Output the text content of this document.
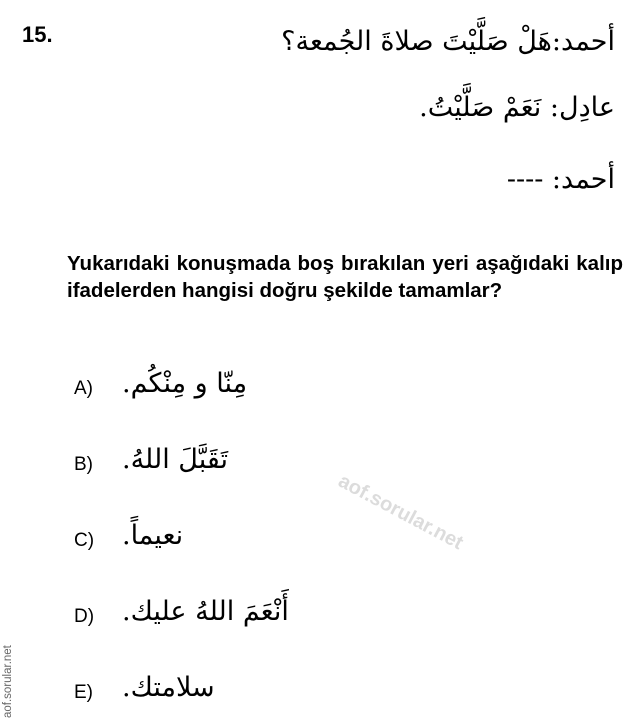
15.	أحمد:هَلْ صَلَّيْتَ صلاةَ الجُمعة؟
عادِل: نَعَمْ صَلَّيْتُ.
أحمد: ----
Yukarıdaki konuşmada boş bırakılan yeri aşağıdaki kalıp ifadelerden hangisi doğru şekilde tamamlar?
A) مِنّا و مِنْكُم.
B) تَقَبَّلَ اللهُ.
C) نعيماً.
D) أَنْعَمَ اللهُ عليك.
E) سلامتك.
aof.sorular.net
aof.sorular.net
